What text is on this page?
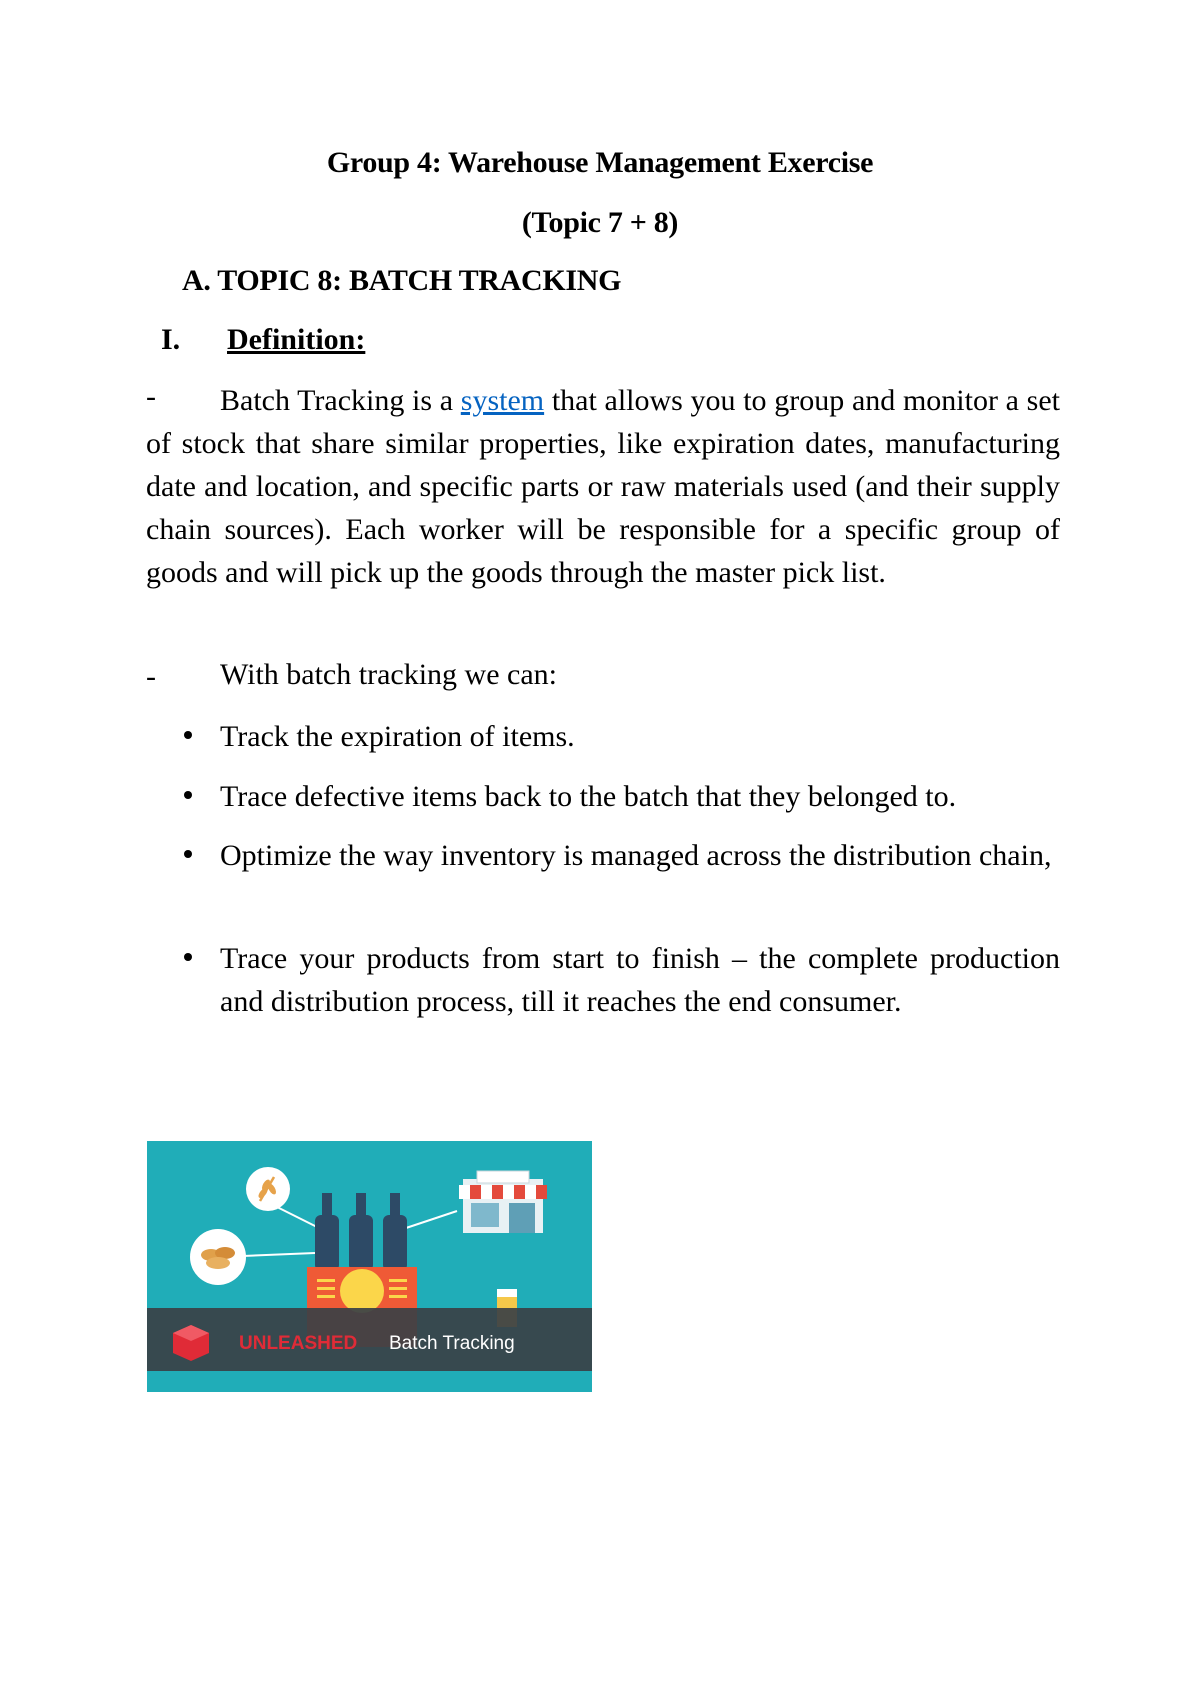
Group 4: Warehouse Management Exercise
(Topic 7 + 8)
A. TOPIC 8: BATCH TRACKING
I. Definition:
-	Batch Tracking is a system that allows you to group and monitor a set of stock that share similar properties, like expiration dates, manufacturing date and location, and specific parts or raw materials used (and their supply chain sources). Each worker will be responsible for a specific group of goods and will pick up the goods through the master pick list.
- With batch tracking we can:
Track the expiration of items.
Trace defective items back to the batch that they belonged to.
Optimize the way inventory is managed across the distribution chain,
Trace your products from start to finish – the complete production and distribution process, till it reaches the end consumer.
UNLEASHED Batch Tracking
